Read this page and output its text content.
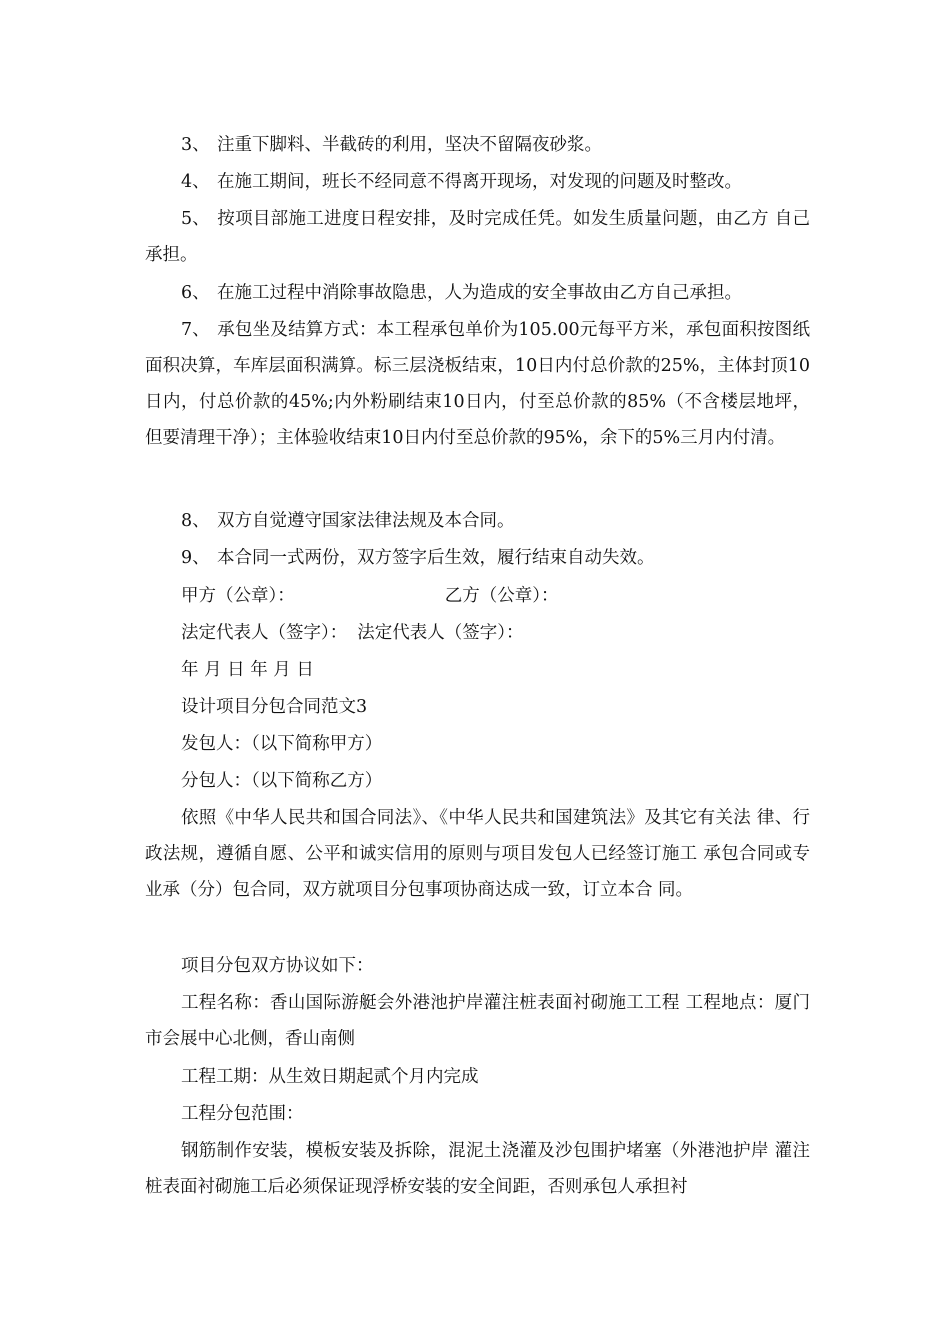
3、 注重下脚料、半截砖的利用，坚决不留隔夜砂浆。

4、 在施工期间，班长不经同意不得离开现场，对发现的问题及时整改。

5、 按项目部施工进度日程安排，及时完成任凭。如发生质量问题，由乙方 自己承担。

6、 在施工过程中消除事故隐患，人为造成的安全事故由乙方自己承担。

7、 承包坐及结算方式：本工程承包单价为105.00元每平方米，承包面积按图纸面积决算，车库层面积满算。标三层浇板结束，10日内付总价款的25%，主体封顶10日内，付总价款的45%;内外粉刷结束10日内，付至总价款的85%（不含楼层地坪，但要清理干净）；主体验收结束10日内付至总价款的95%，余下的5%三月内付清。

8、 双方自觉遵守国家法律法规及本合同。

9、 本合同一式两份，双方签字后生效，履行结束自动失效。

甲方（公章）：	乙方（公章）：

法定代表人（签字）： 法定代表人（签字）：

年 月 日 年 月 日

设计项目分包合同范文3

发包人：（以下简称甲方）

分包人：（以下简称乙方）

依照《中华人民共和国合同法》、《中华人民共和国建筑法》及其它有关法 律、行政法规，遵循自愿、公平和诚实信用的原则与项目发包人已经签订施工 承包合同或专业承（分）包合同，双方就项目分包事项协商达成一致，订立本合 同。

项目分包双方协议如下：

工程名称：香山国际游艇会外港池护岸灌注桩表面衬砌施工工程 工程地点：厦门市会展中心北侧，香山南侧

工程工期：从生效日期起贰个月内完成

工程分包范围：

钢筋制作安装，模板安装及拆除，混泥土浇灌及沙包围护堵塞（外港池护岸 灌注桩表面衬砌施工后必须保证现浮桥安装的安全间距，否则承包人承担衬
